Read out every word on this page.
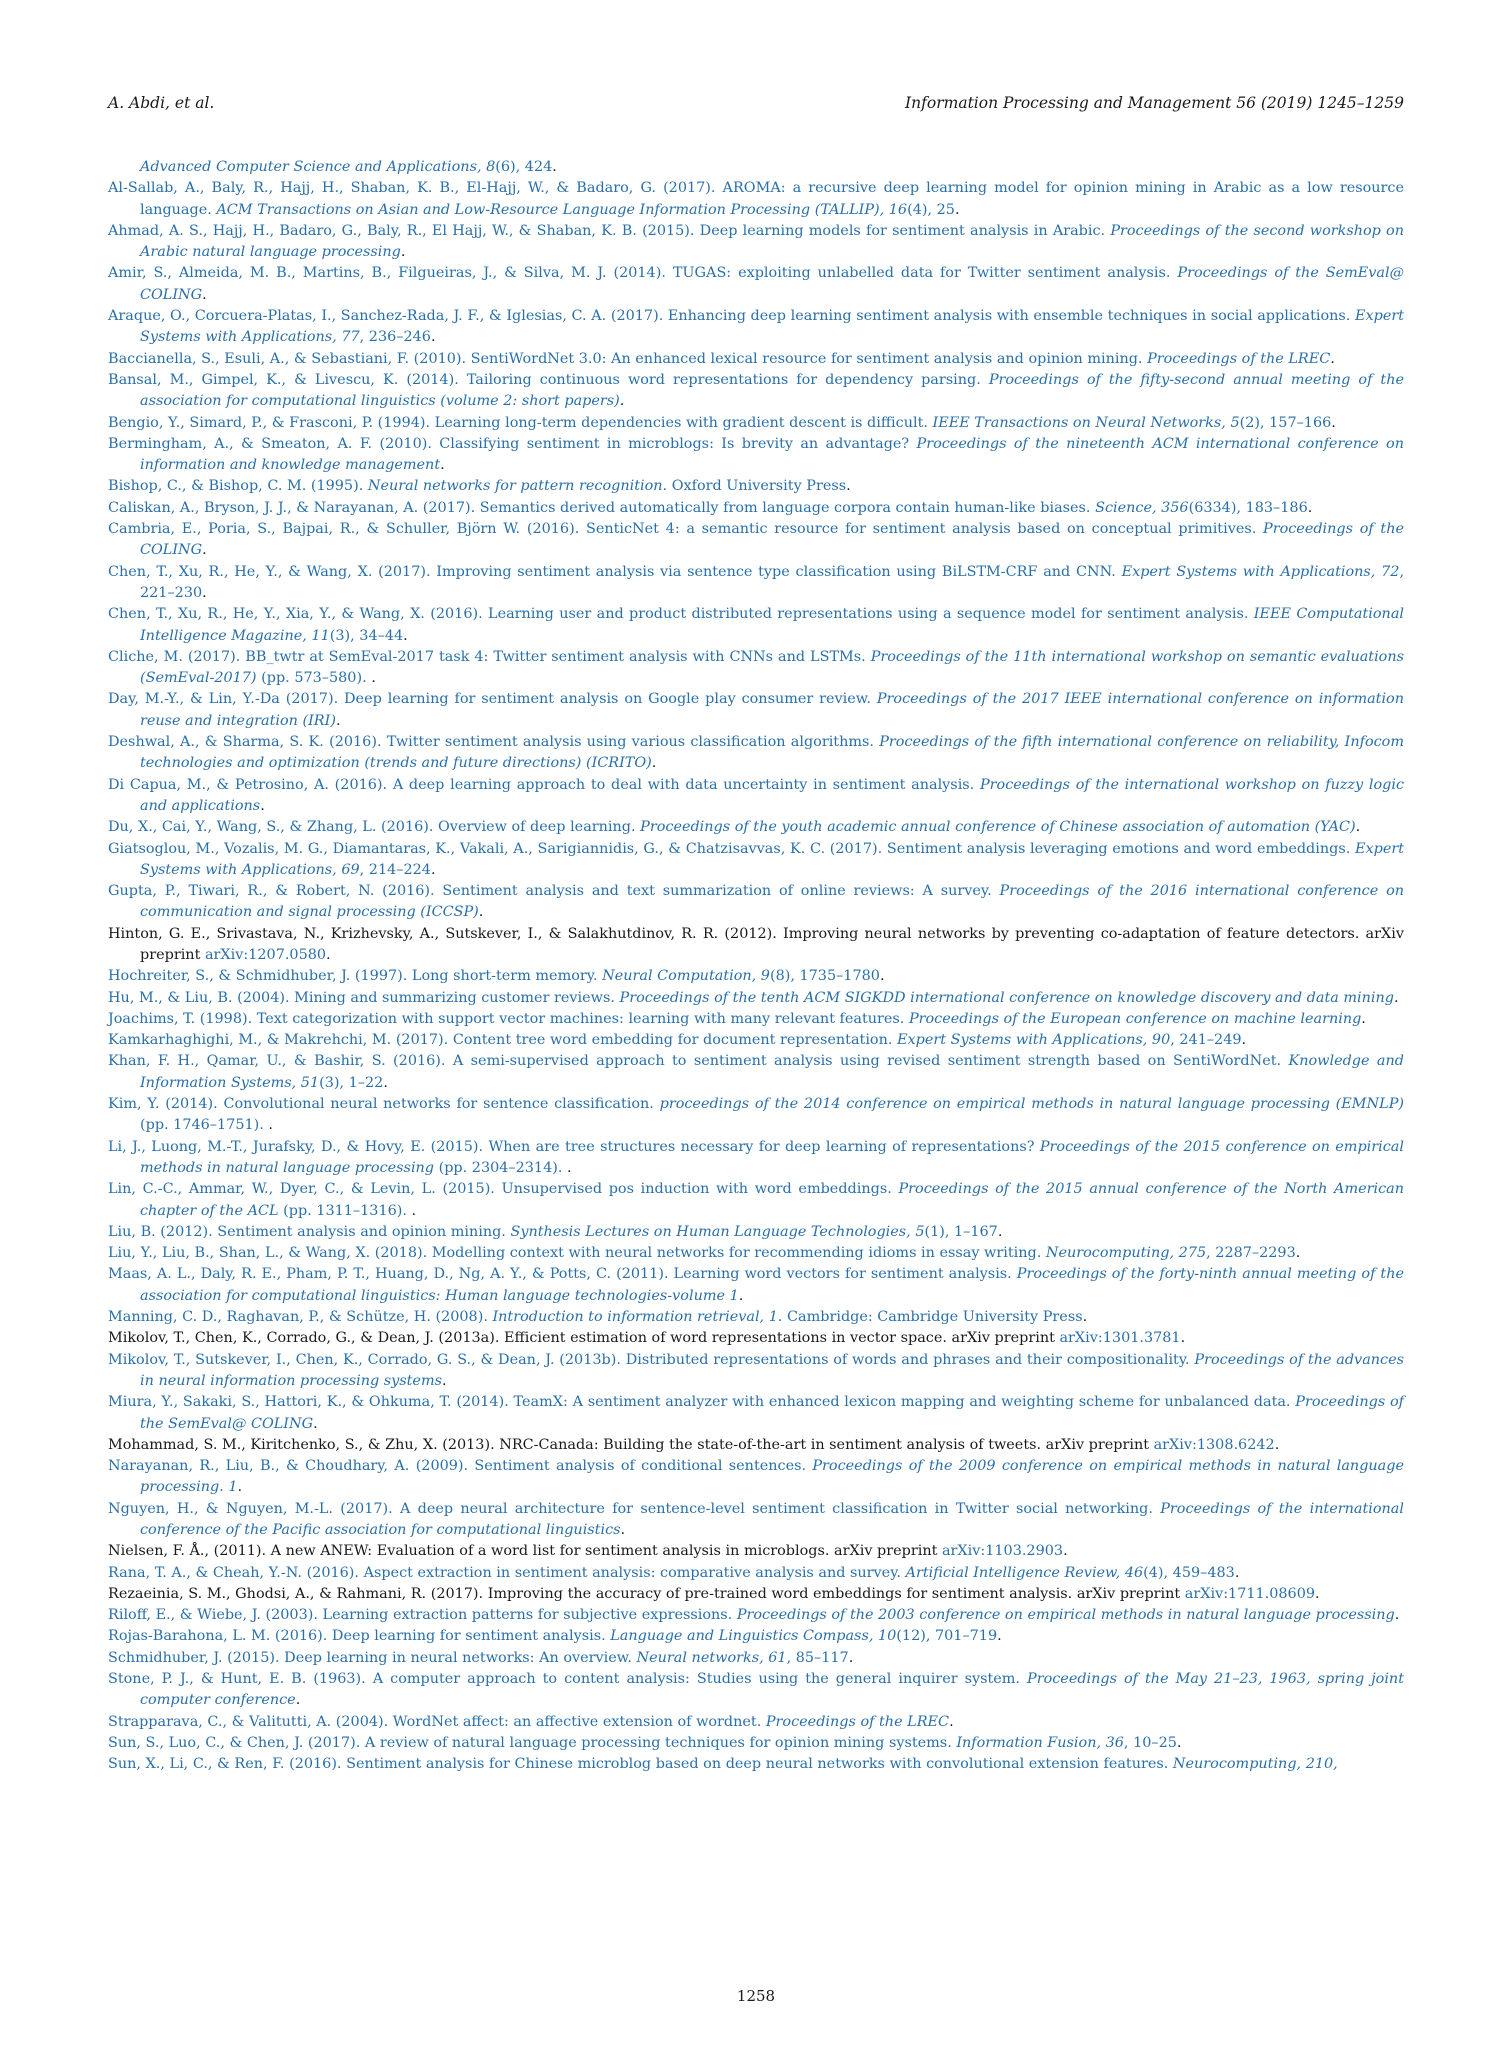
A. Abdi, et al.	Information Processing and Management 56 (2019) 1245–1259

Advanced Computer Science and Applications, 8(6), 424.

Al-Sallab, A., Baly, R., Hajj, H., Shaban, K. B., El-Hajj, W., & Badaro, G. (2017). AROMA: a recursive deep learning model for opinion mining in Arabic as a low resource language. ACM Transactions on Asian and Low-Resource Language Information Processing (TALLIP), 16(4), 25.

Ahmad, A. S., Hajj, H., Badaro, G., Baly, R., El Hajj, W., & Shaban, K. B. (2015). Deep learning models for sentiment analysis in Arabic. Proceedings of the second workshop on Arabic natural language processing.

Amir, S., Almeida, M. B., Martins, B., Filgueiras, J., & Silva, M. J. (2014). TUGAS: exploiting unlabelled data for Twitter sentiment analysis. Proceedings of the SemEval@ COLING.

Araque, O., Corcuera-Platas, I., Sanchez-Rada, J. F., & Iglesias, C. A. (2017). Enhancing deep learning sentiment analysis with ensemble techniques in social applications. Expert Systems with Applications, 77, 236–246.

Baccianella, S., Esuli, A., & Sebastiani, F. (2010). SentiWordNet 3.0: An enhanced lexical resource for sentiment analysis and opinion mining. Proceedings of the LREC.

Bansal, M., Gimpel, K., & Livescu, K. (2014). Tailoring continuous word representations for dependency parsing. Proceedings of the fifty-second annual meeting of the association for computational linguistics (volume 2: short papers).

Bengio, Y., Simard, P., & Frasconi, P. (1994). Learning long-term dependencies with gradient descent is difficult. IEEE Transactions on Neural Networks, 5(2), 157–166.

Bermingham, A., & Smeaton, A. F. (2010). Classifying sentiment in microblogs: Is brevity an advantage? Proceedings of the nineteenth ACM international conference on information and knowledge management.

Bishop, C., & Bishop, C. M. (1995). Neural networks for pattern recognition. Oxford University Press.

Caliskan, A., Bryson, J. J., & Narayanan, A. (2017). Semantics derived automatically from language corpora contain human-like biases. Science, 356(6334), 183–186.

Cambria, E., Poria, S., Bajpai, R., & Schuller, Björn W. (2016). SenticNet 4: a semantic resource for sentiment analysis based on conceptual primitives. Proceedings of the COLING.

Chen, T., Xu, R., He, Y., & Wang, X. (2017). Improving sentiment analysis via sentence type classification using BiLSTM-CRF and CNN. Expert Systems with Applications, 72, 221–230.

Chen, T., Xu, R., He, Y., Xia, Y., & Wang, X. (2016). Learning user and product distributed representations using a sequence model for sentiment analysis. IEEE Computational Intelligence Magazine, 11(3), 34–44.

Cliche, M. (2017). BB_twtr at SemEval-2017 task 4: Twitter sentiment analysis with CNNs and LSTMs. Proceedings of the 11th international workshop on semantic evaluations (SemEval-2017) (pp. 573–580). .

Day, M.-Y., & Lin, Y.-Da (2017). Deep learning for sentiment analysis on Google play consumer review. Proceedings of the 2017 IEEE international conference on information reuse and integration (IRI).

Deshwal, A., & Sharma, S. K. (2016). Twitter sentiment analysis using various classification algorithms. Proceedings of the fifth international conference on reliability, Infocom technologies and optimization (trends and future directions) (ICRITO).

Di Capua, M., & Petrosino, A. (2016). A deep learning approach to deal with data uncertainty in sentiment analysis. Proceedings of the international workshop on fuzzy logic and applications.

Du, X., Cai, Y., Wang, S., & Zhang, L. (2016). Overview of deep learning. Proceedings of the youth academic annual conference of Chinese association of automation (YAC).

Giatsoglou, M., Vozalis, M. G., Diamantaras, K., Vakali, A., Sarigiannidis, G., & Chatzisavvas, K. C. (2017). Sentiment analysis leveraging emotions and word embeddings. Expert Systems with Applications, 69, 214–224.

Gupta, P., Tiwari, R., & Robert, N. (2016). Sentiment analysis and text summarization of online reviews: A survey. Proceedings of the 2016 international conference on communication and signal processing (ICCSP).

Hinton, G. E., Srivastava, N., Krizhevsky, A., Sutskever, I., & Salakhutdinov, R. R. (2012). Improving neural networks by preventing co-adaptation of feature detectors. arXiv preprint arXiv:1207.0580.

Hochreiter, S., & Schmidhuber, J. (1997). Long short-term memory. Neural Computation, 9(8), 1735–1780.

Hu, M., & Liu, B. (2004). Mining and summarizing customer reviews. Proceedings of the tenth ACM SIGKDD international conference on knowledge discovery and data mining.

Joachims, T. (1998). Text categorization with support vector machines: learning with many relevant features. Proceedings of the European conference on machine learning.

Kamkarhaghighi, M., & Makrehchi, M. (2017). Content tree word embedding for document representation. Expert Systems with Applications, 90, 241–249.

Khan, F. H., Qamar, U., & Bashir, S. (2016). A semi-supervised approach to sentiment analysis using revised sentiment strength based on SentiWordNet. Knowledge and Information Systems, 51(3), 1–22.

Kim, Y. (2014). Convolutional neural networks for sentence classification. proceedings of the 2014 conference on empirical methods in natural language processing (EMNLP) (pp. 1746–1751). .

Li, J., Luong, M.-T., Jurafsky, D., & Hovy, E. (2015). When are tree structures necessary for deep learning of representations? Proceedings of the 2015 conference on empirical methods in natural language processing (pp. 2304–2314). .

Lin, C.-C., Ammar, W., Dyer, C., & Levin, L. (2015). Unsupervised pos induction with word embeddings. Proceedings of the 2015 annual conference of the North American chapter of the ACL (pp. 1311–1316). .

Liu, B. (2012). Sentiment analysis and opinion mining. Synthesis Lectures on Human Language Technologies, 5(1), 1–167.

Liu, Y., Liu, B., Shan, L., & Wang, X. (2018). Modelling context with neural networks for recommending idioms in essay writing. Neurocomputing, 275, 2287–2293.

Maas, A. L., Daly, R. E., Pham, P. T., Huang, D., Ng, A. Y., & Potts, C. (2011). Learning word vectors for sentiment analysis. Proceedings of the forty-ninth annual meeting of the association for computational linguistics: Human language technologies-volume 1.

Manning, C. D., Raghavan, P., & Schütze, H. (2008). Introduction to information retrieval, 1. Cambridge: Cambridge University Press.

Mikolov, T., Chen, K., Corrado, G., & Dean, J. (2013a). Efficient estimation of word representations in vector space. arXiv preprint arXiv:1301.3781.

Mikolov, T., Sutskever, I., Chen, K., Corrado, G. S., & Dean, J. (2013b). Distributed representations of words and phrases and their compositionality. Proceedings of the advances in neural information processing systems.

Miura, Y., Sakaki, S., Hattori, K., & Ohkuma, T. (2014). TeamX: A sentiment analyzer with enhanced lexicon mapping and weighting scheme for unbalanced data. Proceedings of the SemEval@ COLING.

Mohammad, S. M., Kiritchenko, S., & Zhu, X. (2013). NRC-Canada: Building the state-of-the-art in sentiment analysis of tweets. arXiv preprint arXiv:1308.6242.

Narayanan, R., Liu, B., & Choudhary, A. (2009). Sentiment analysis of conditional sentences. Proceedings of the 2009 conference on empirical methods in natural language processing. 1.

Nguyen, H., & Nguyen, M.-L. (2017). A deep neural architecture for sentence-level sentiment classification in Twitter social networking. Proceedings of the international conference of the Pacific association for computational linguistics.

Nielsen, F. Å., (2011). A new ANEW: Evaluation of a word list for sentiment analysis in microblogs. arXiv preprint arXiv:1103.2903.

Rana, T. A., & Cheah, Y.-N. (2016). Aspect extraction in sentiment analysis: comparative analysis and survey. Artificial Intelligence Review, 46(4), 459–483.

Rezaeinia, S. M., Ghodsi, A., & Rahmani, R. (2017). Improving the accuracy of pre-trained word embeddings for sentiment analysis. arXiv preprint arXiv:1711.08609.

Riloff, E., & Wiebe, J. (2003). Learning extraction patterns for subjective expressions. Proceedings of the 2003 conference on empirical methods in natural language processing.

Rojas-Barahona, L. M. (2016). Deep learning for sentiment analysis. Language and Linguistics Compass, 10(12), 701–719.

Schmidhuber, J. (2015). Deep learning in neural networks: An overview. Neural networks, 61, 85–117.

Stone, P. J., & Hunt, E. B. (1963). A computer approach to content analysis: Studies using the general inquirer system. Proceedings of the May 21–23, 1963, spring joint computer conference.

Strapparava, C., & Valitutti, A. (2004). WordNet affect: an affective extension of wordnet. Proceedings of the LREC.

Sun, S., Luo, C., & Chen, J. (2017). A review of natural language processing techniques for opinion mining systems. Information Fusion, 36, 10–25.

Sun, X., Li, C., & Ren, F. (2016). Sentiment analysis for Chinese microblog based on deep neural networks with convolutional extension features. Neurocomputing, 210,

1258
